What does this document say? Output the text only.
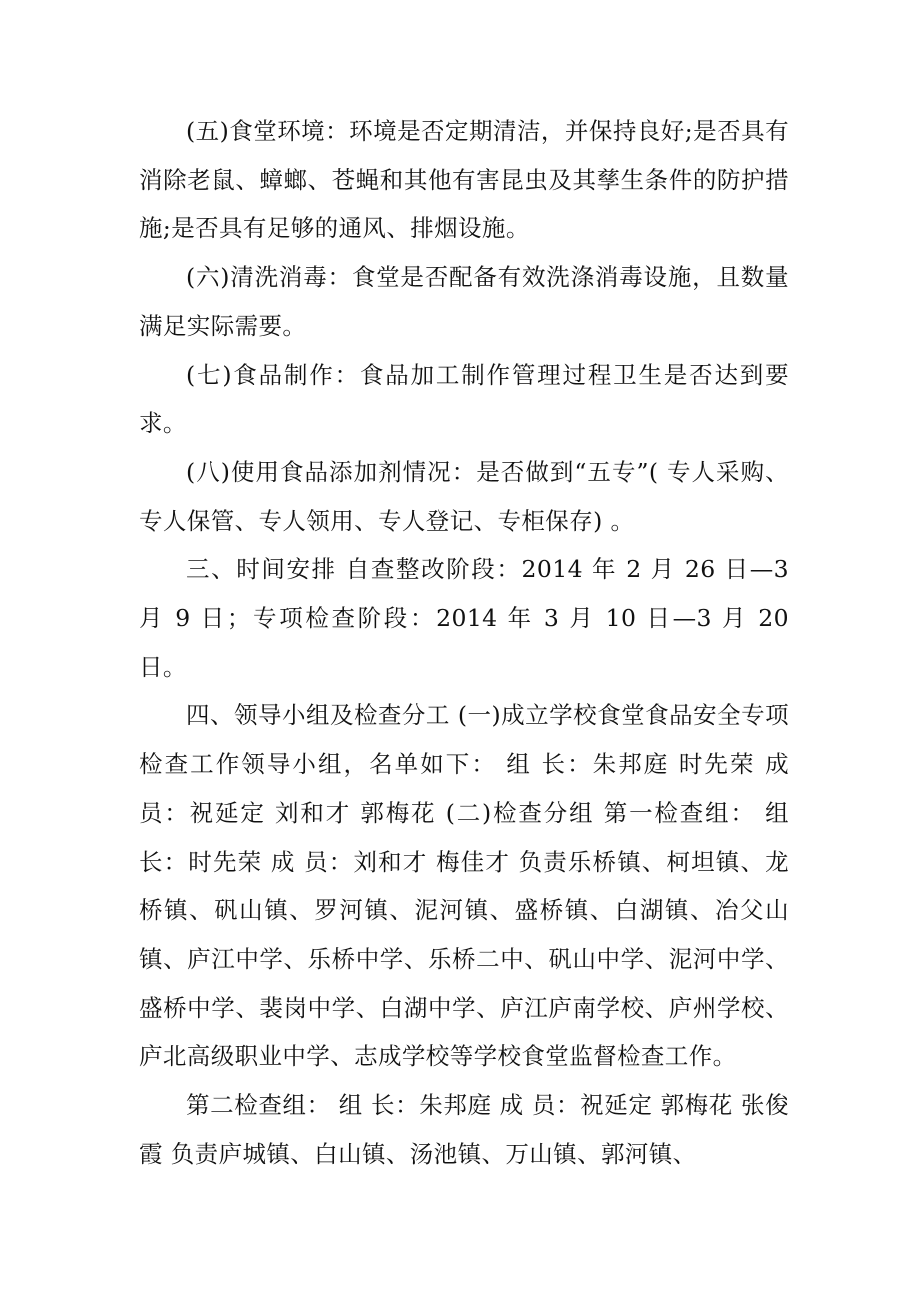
(五)食堂环境：环境是否定期清洁，并保持良好;是否具有消除老鼠、蟑螂、苍蝇和其他有害昆虫及其孳生条件的防护措施;是否具有足够的通风、排烟设施。

(六)清洗消毒：食堂是否配备有效洗涤消毒设施，且数量满足实际需要。

(七)食品制作：食品加工制作管理过程卫生是否达到要求。

(八)使用食品添加剂情况：是否做到“五专”( 专人采购、专人保管、专人领用、专人登记、专柜保存) 。

三、时间安排 自查整改阶段：2014 年 2 月 26 日—3 月 9 日；专项检查阶段：2014 年 3 月 10 日—3 月 20 日。

四、领导小组及检查分工 (一)成立学校食堂食品安全专项检查工作领导小组，名单如下： 组 长：朱邦庭 时先荣 成 员：祝延定 刘和才 郭梅花 (二)检查分组 第一检查组： 组 长：时先荣 成 员：刘和才 梅佳才 负责乐桥镇、柯坦镇、龙桥镇、矾山镇、罗河镇、泥河镇、盛桥镇、白湖镇、冶父山镇、庐江中学、乐桥中学、乐桥二中、矾山中学、泥河中学、盛桥中学、裴岗中学、白湖中学、庐江庐南学校、庐州学校、庐北高级职业中学、志成学校等学校食堂监督检查工作。

第二检查组： 组 长：朱邦庭 成 员：祝延定 郭梅花 张俊霞 负责庐城镇、白山镇、汤池镇、万山镇、郭河镇、
